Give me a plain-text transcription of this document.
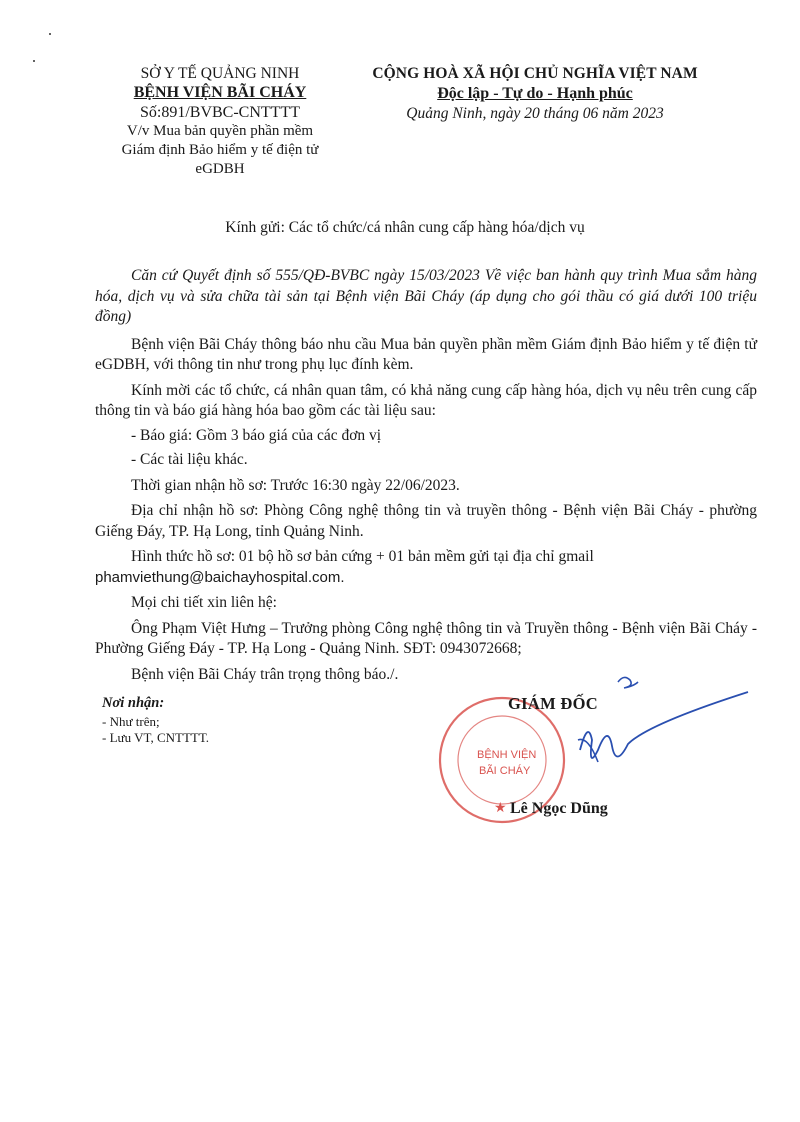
SỞ Y TẾ QUẢNG NINH
BỆNH VIỆN BÃI CHÁY
Số:891/BVBC-CNTTTT
V/v Mua bản quyền phần mềm
Giám định Bảo hiểm y tế điện tử
eGDBH
CỘNG HOÀ XÃ HỘI CHỦ NGHĨA VIỆT NAM
Độc lập - Tự do - Hạnh phúc
Quảng Ninh, ngày 20 tháng 06 năm 2023
Kính gửi: Các tổ chức/cá nhân cung cấp hàng hóa/dịch vụ

Căn cứ Quyết định số 555/QĐ-BVBC ngày 15/03/2023 Về việc ban hành quy trình Mua sắm hàng hóa, dịch vụ và sửa chữa tài sản tại Bệnh viện Bãi Cháy (áp dụng cho gói thầu có giá dưới 100 triệu đồng)

Bệnh viện Bãi Cháy thông báo nhu cầu Mua bản quyền phần mềm Giám định Bảo hiểm y tế điện tử eGDBH, với thông tin như trong phụ lục đính kèm.

Kính mời các tổ chức, cá nhân quan tâm, có khả năng cung cấp hàng hóa, dịch vụ nêu trên cung cấp thông tin và báo giá hàng hóa bao gồm các tài liệu sau:

- Báo giá: Gồm 3 báo giá của các đơn vị

- Các tài liệu khác.

Thời gian nhận hồ sơ: Trước 16:30 ngày 22/06/2023.

Địa chỉ nhận hồ sơ: Phòng Công nghệ thông tin và truyền thông - Bệnh viện Bãi Cháy - phường Giếng Đáy, TP. Hạ Long, tỉnh Quảng Ninh.

Hình thức hồ sơ: 01 bộ hồ sơ bản cứng + 01 bản mềm gửi tại địa chỉ gmail

phamviethung@baichayhospital.com.

Mọi chi tiết xin liên hệ:

Ông Phạm Việt Hưng – Trưởng phòng Công nghệ thông tin và Truyền thông - Bệnh viện Bãi Cháy - Phường Giếng Đáy - TP. Hạ Long - Quảng Ninh. SĐT: 0943072668;

Bệnh viện Bãi Cháy trân trọng thông báo./.

Nơi nhận:
- Như trên;
- Lưu VT, CNTTTT.
BỆNH VIỆN
BÃI CHÁY
★
GIÁM ĐỐC
Lê Ngọc Dũng
